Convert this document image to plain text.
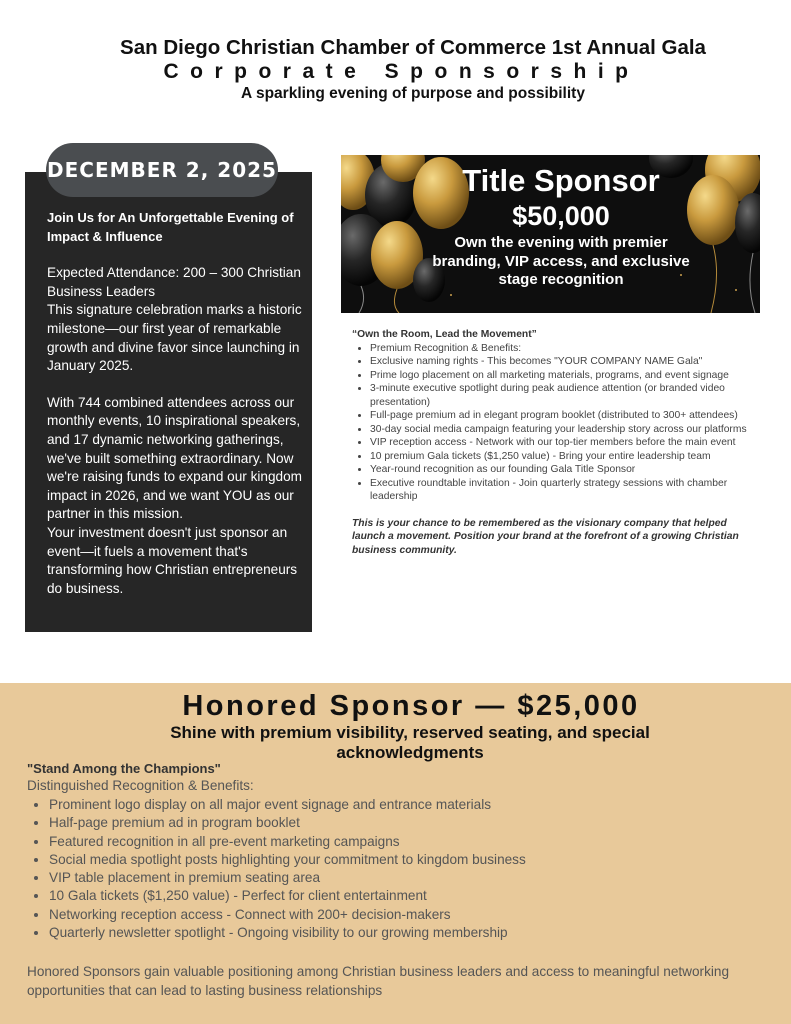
San Diego Christian Chamber of Commerce 1st Annual Gala
Corporate Sponsorship
A sparkling evening of purpose and possibility
DECEMBER 2, 2025

Join Us for An Unforgettable Evening of Impact & Influence

Expected Attendance: 200 – 300 Christian Business Leaders

This signature celebration marks a historic milestone—our first year of remarkable growth and divine favor since launching in January 2025.

With 744 combined attendees across our monthly events, 10 inspirational speakers, and 17 dynamic networking gatherings, we've built something extraordinary. Now we're raising funds to expand our kingdom impact in 2026, and we want YOU as our partner in this mission.

Your investment doesn't just sponsor an event—it fuels a movement that's transforming how Christian entrepreneurs do business.

Title Sponsor
$50,000
Own the evening with premier branding, VIP access, and exclusive stage recognition
“Own the Room, Lead the Movement”
• Premium Recognition & Benefits:
• Exclusive naming rights - This becomes "YOUR COMPANY NAME Gala"
• Prime logo placement on all marketing materials, programs, and event signage
• 3-minute executive spotlight during peak audience attention (or branded video presentation)
• Full-page premium ad in elegant program booklet (distributed to 300+ attendees)
• 30-day social media campaign featuring your leadership story across our platforms
• VIP reception access - Network with our top-tier members before the main event
• 10 premium Gala tickets ($1,250 value) - Bring your entire leadership team
• Year-round recognition as our founding Gala Title Sponsor
• Executive roundtable invitation - Join quarterly strategy sessions with chamber leadership
This is your chance to be remembered as the visionary company that helped launch a movement. Position your brand at the forefront of a growing Christian business community.
Honored Sponsor — $25,000
Shine with premium visibility, reserved seating, and special acknowledgments
"Stand Among the Champions"
Distinguished Recognition & Benefits:
• Prominent logo display on all major event signage and entrance materials
• Half-page premium ad in program booklet
• Featured recognition in all pre-event marketing campaigns
• Social media spotlight posts highlighting your commitment to kingdom business
• VIP table placement in premium seating area
• 10 Gala tickets ($1,250 value) - Perfect for client entertainment
• Networking reception access - Connect with 200+ decision-makers
• Quarterly newsletter spotlight - Ongoing visibility to our growing membership
Honored Sponsors gain valuable positioning among Christian business leaders and access to meaningful networking opportunities that can lead to lasting business relationships
